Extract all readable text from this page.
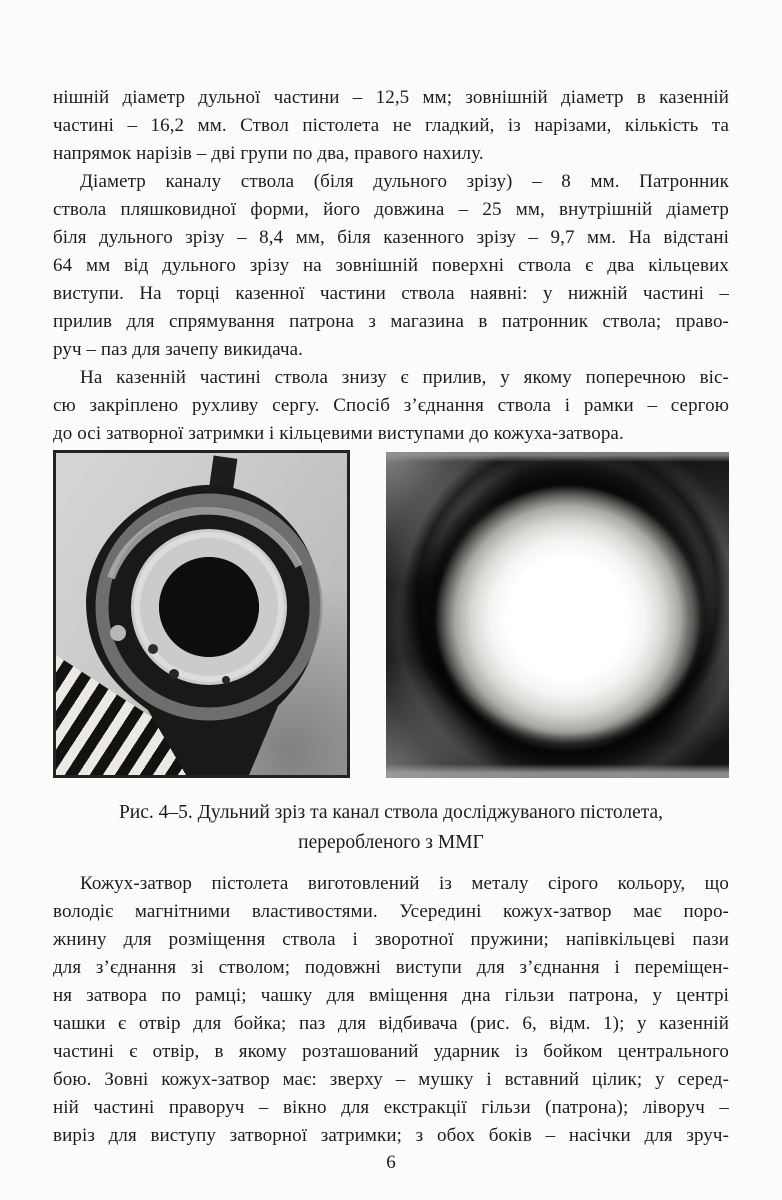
нішній діаметр дульної частини – 12,5 мм; зовнішній діаметр в казенній
частині – 16,2 мм. Ствол пістолета не гладкий, із нарізами, кількість та
напрямок нарізів – дві групи по два, правого нахилу.
Діаметр каналу ствола (біля дульного зрізу) – 8 мм. Патронник
ствола пляшковидної форми, його довжина – 25 мм, внутрішній діаметр
біля дульного зрізу – 8,4 мм, біля казенного зрізу – 9,7 мм. На відстані
64 мм від дульного зрізу на зовнішній поверхні ствола є два кільцевих
виступи. На торці казенної частини ствола наявні: у нижній частині –
прилив для спрямування патрона з магазина в патронник ствола; право-
руч – паз для зачепу викидача.
На казенній частині ствола знизу є прилив, у якому поперечною віс-
сю закріплено рухливу сергу. Спосіб з’єднання ствола і рамки – сергою
до осі затворної затримки і кільцевими виступами до кожуха-затвора.
Рис. 4–5. Дульний зріз та канал ствола досліджуваного пістолета,
переробленого з ММГ
Кожух-затвор пістолета виготовлений із металу сірого кольору, що
володіє магнітними властивостями. Усередині кожух-затвор має поро-
жнину для розміщення ствола і зворотної пружини; напівкільцеві пази
для з’єднання зі стволом; подовжні виступи для з’єднання і переміщен-
ня затвора по рамці; чашку для вміщення дна гільзи патрона, у центрі
чашки є отвір для бойка; паз для відбивача (рис. 6, відм. 1); у казенній
частині є отвір, в якому розташований ударник із бойком центрального
бою. Зовні кожух-затвор має: зверху – мушку і вставний цілик; у серед-
ній частині праворуч – вікно для екстракції гільзи (патрона); ліворуч –
виріз для виступу затворної затримки; з обох боків – насічки для зруч-
6
